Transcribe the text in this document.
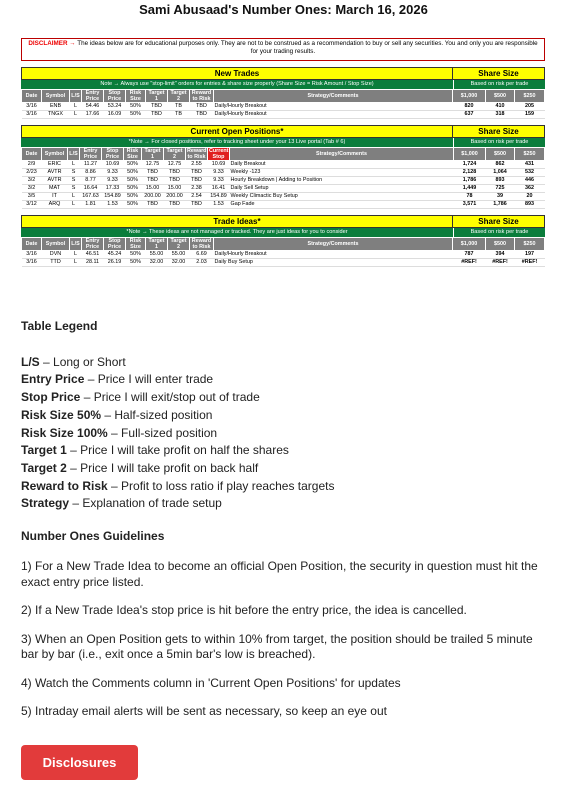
Sami Abusaad's Number Ones: March 16, 2026
DISCLAIMER → The ideas below are for educational purposes only. They are not to be construed as a recommendation to buy or sell any securities. You and only you are responsible for your trading results.
New Trades	Share Size
Note → Always use "stop-limit" orders for entries & share size properly (Share Size = Risk Amount / Stop Size)	Based on risk per trade
Date	Symbol	L/S	Entry Price	Stop Price	Risk Size	Target 1	Target 2	Reward to Risk	Strategy/Comments	$1,000	$500	$250
3/16	ENB	L	54.46	53.24	50%	TBD	TB	TBD	Daily/Hourly Breakout	820	410	205
3/16	TNGX	L	17.66	16.09	50%	TBD	TB	TBD	Daily/Hourly Breakout	637	318	159
Current Open Positions*	Share Size
*Note → For closed positions, refer to tracking sheet under your 13 Live portal (Tab # 6)	Based on risk per trade
Date	Symbol	L/S	Entry Price	Stop Price	Risk Size	Target 1	Target 2	Reward to Risk	Current Stop	Strategy/Comments	$1,000	$500	$250
2/9	ERIC	L	11.27	10.69	50%	12.75	12.75	2.55	10.69	Daily Breakout	1,724	862	431
2/23	AVTR	S	8.86	9.33	50%	TBD	TBD	TBD	9.33	Weekly -123	2,128	1,064	532
3/2	AVTR	S	8.77	9.33	50%	TBD	TBD	TBD	9.33	Hourly Breakdown | Adding to Position	1,786	893	446
3/2	MAT	S	16.64	17.33	50%	15.00	15.00	2.38	16.41	Daily Sell Setup	1,449	725	362
3/5	IT	L	167.63	154.89	50%	200.00	200.00	2.54	154.89	Weekly Climactic Buy Setup	78	39	20
3/12	ARQ	L	1.81	1.53	50%	TBD	TBD	TBD	1.53	Gap Fade	3,571	1,786	893
Trade Ideas*	Share Size
*Note → These ideas are not managed or tracked. They are just ideas for you to consider	Based on risk per trade
Date	Symbol	L/S	Entry Price	Stop Price	Risk Size	Target 1	Target 2	Reward to Risk	Strategy/Comments	$1,000	$500	$250
3/16	DVN	L	46.51	45.24	50%	55.00	55.00	6.69	Daily/Hourly Breakout	787	394	197
3/16	TTD	L	28.11	26.19	50%	32.00	32.00	2.03	Daily Buy Setup	#REF!	#REF!	#REF!
Table Legend

L/S – Long or Short

Entry Price – Price I will enter trade

Stop Price – Price I will exit/stop out of trade

Risk Size 50% – Half-sized position

Risk Size 100% – Full-sized position

Target 1 – Price I will take profit on half the shares

Target 2 – Price I will take profit on back half

Reward to Risk – Profit to loss ratio if play reaches targets

Strategy – Explanation of trade setup

Number Ones Guidelines

1) For a New Trade Idea to become an official Open Position, the security in question must hit the exact entry price listed.

2) If a New Trade Idea's stop price is hit before the entry price, the idea is cancelled.

3) When an Open Position gets to within 10% from target, the position should be trailed 5 minute bar by bar (i.e., exit once a 5min bar's low is breached).

4) Watch the Comments column in 'Current Open Positions' for updates

5) Intraday email alerts will be sent as necessary, so keep an eye out

Disclosures
